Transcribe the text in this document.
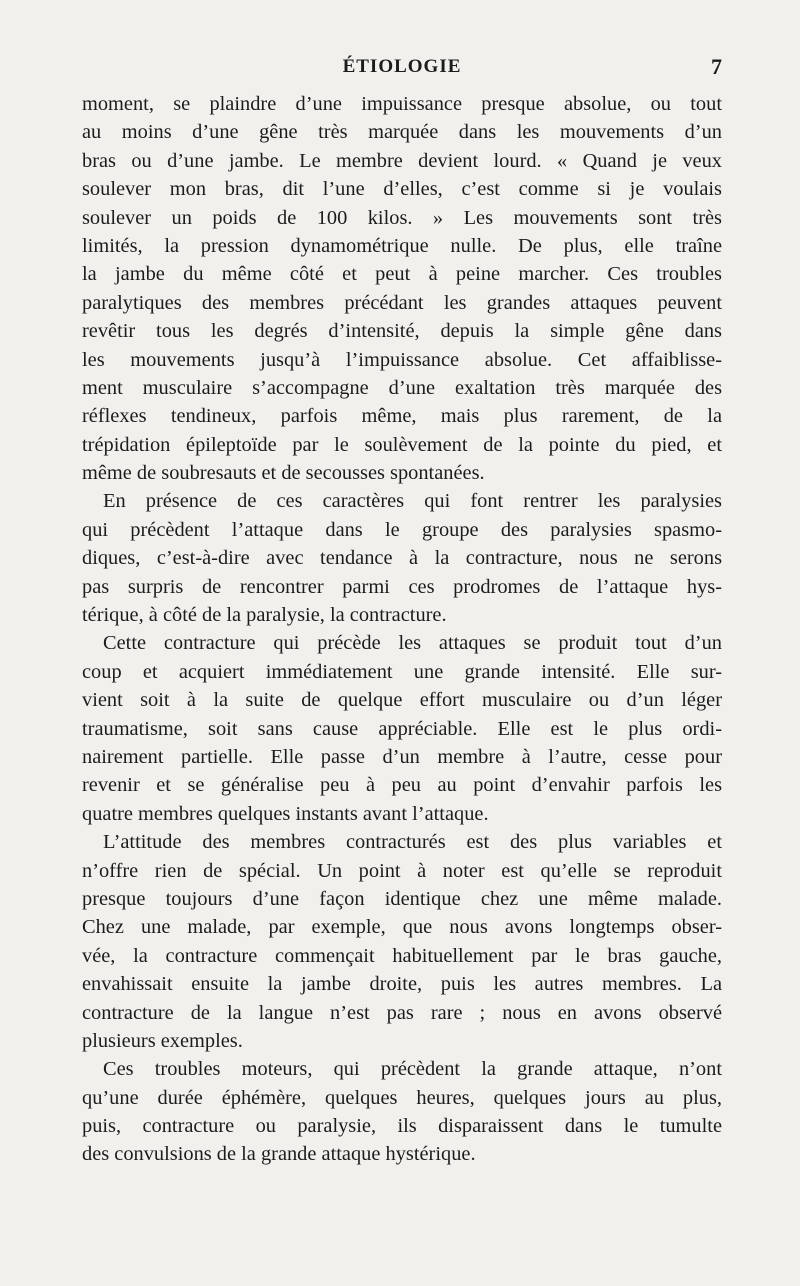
ÉTIOLOGIE	7
moment, se plaindre d’une impuissance presque absolue, ou tout
au moins d’une gêne très marquée dans les mouvements d’un
bras ou d’une jambe. Le membre devient lourd. « Quand je veux
soulever mon bras, dit l’une d’elles, c’est comme si je voulais
soulever un poids de 100 kilos. » Les mouvements sont très
limités, la pression dynamométrique nulle. De plus, elle traîne
la jambe du même côté et peut à peine marcher. Ces troubles
paralytiques des membres précédant les grandes attaques peuvent
revêtir tous les degrés d’intensité, depuis la simple gêne dans
les mouvements jusqu’à l’impuissance absolue. Cet affaiblisse-
ment musculaire s’accompagne d’une exaltation très marquée des
réflexes tendineux, parfois même, mais plus rarement, de la
trépidation épileptoïde par le soulèvement de la pointe du pied, et
même de soubresauts et de secousses spontanées.
En présence de ces caractères qui font rentrer les paralysies
qui précèdent l’attaque dans le groupe des paralysies spasmo-
diques, c’est-à-dire avec tendance à la contracture, nous ne serons
pas surpris de rencontrer parmi ces prodromes de l’attaque hys-
térique, à côté de la paralysie, la contracture.
Cette contracture qui précède les attaques se produit tout d’un
coup et acquiert immédiatement une grande intensité. Elle sur-
vient soit à la suite de quelque effort musculaire ou d’un léger
traumatisme, soit sans cause appréciable. Elle est le plus ordi-
nairement partielle. Elle passe d’un membre à l’autre, cesse pour
revenir et se généralise peu à peu au point d’envahir parfois les
quatre membres quelques instants avant l’attaque.
L’attitude des membres contracturés est des plus variables et
n’offre rien de spécial. Un point à noter est qu’elle se reproduit
presque toujours d’une façon identique chez une même malade.
Chez une malade, par exemple, que nous avons longtemps obser-
vée, la contracture commençait habituellement par le bras gauche,
envahissait ensuite la jambe droite, puis les autres membres. La
contracture de la langue n’est pas rare ; nous en avons observé
plusieurs exemples.
Ces troubles moteurs, qui précèdent la grande attaque, n’ont
qu’une durée éphémère, quelques heures, quelques jours au plus,
puis, contracture ou paralysie, ils disparaissent dans le tumulte
des convulsions de la grande attaque hystérique.
